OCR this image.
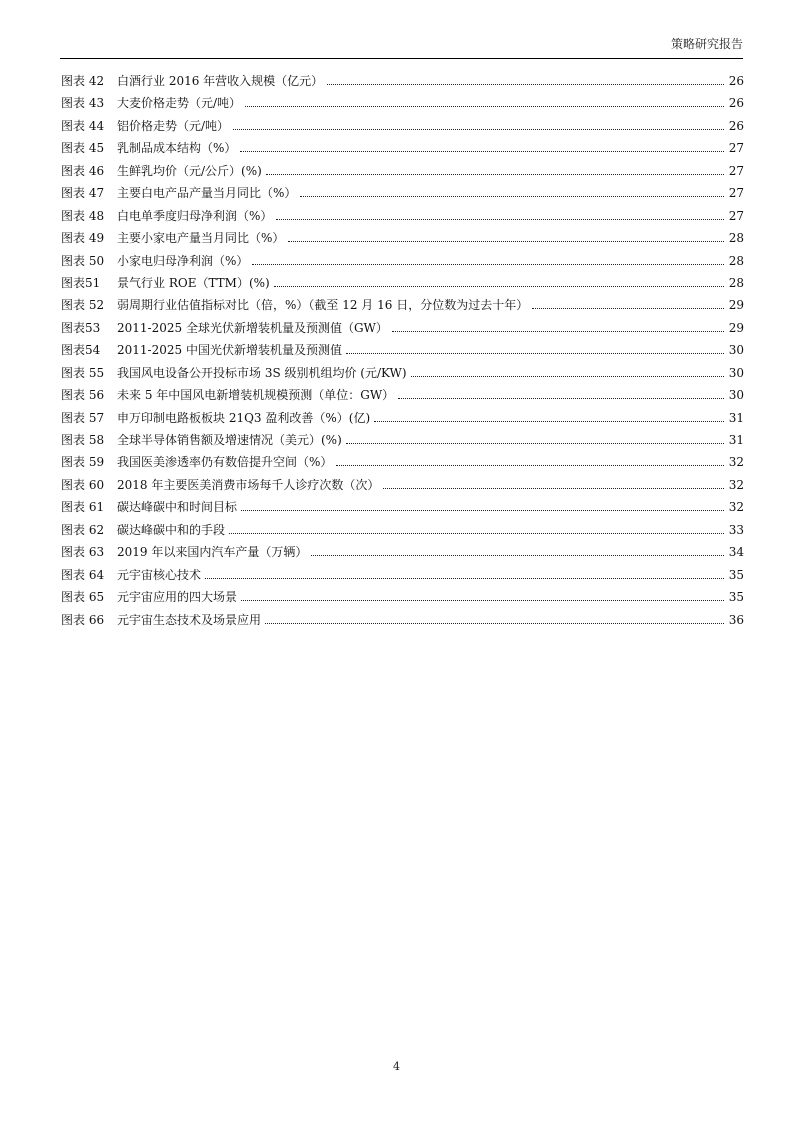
策略研究报告
图表 42	白酒行业 2016 年营收入规模（亿元）	26
图表 43	大麦价格走势（元/吨）	26
图表 44	铝价格走势（元/吨）	26
图表 45	乳制品成本结构（%）	27
图表 46	生鲜乳均价（元/公斤）(%)	27
图表 47	主要白电产品产量当月同比（%）	27
图表 48	白电单季度归母净利润（%）	27
图表 49	主要小家电产量当月同比（%）	28
图表 50	小家电归母净利润（%）	28
图表51	景气行业 ROE（TTM）(%)	28
图表 52	弱周期行业估值指标对比（倍，%）（截至 12 月 16 日，分位数为过去十年）	29
图表53	2011-2025 全球光伏新增装机量及预测值（GW）	29
图表54	2011-2025 中国光伏新增装机量及预测值	30
图表 55	我国风电设备公开投标市场 3S 级别机组均价 (元/KW)	30
图表 56	未来 5 年中国风电新增装机规模预测（单位：GW）	30
图表 57	申万印制电路板板块 21Q3 盈利改善（%）(亿)	31
图表 58	全球半导体销售额及增速情况（美元）(%)	31
图表 59	我国医美渗透率仍有数倍提升空间（%）	32
图表 60	2018 年主要医美消费市场每千人诊疗次数（次）	32
图表 61	碳达峰碳中和时间目标	32
图表 62	碳达峰碳中和的手段	33
图表 63	2019 年以来国内汽车产量（万辆）	34
图表 64	元宇宙核心技术	35
图表 65	元宇宙应用的四大场景	35
图表 66	元宇宙生态技术及场景应用	36
4
